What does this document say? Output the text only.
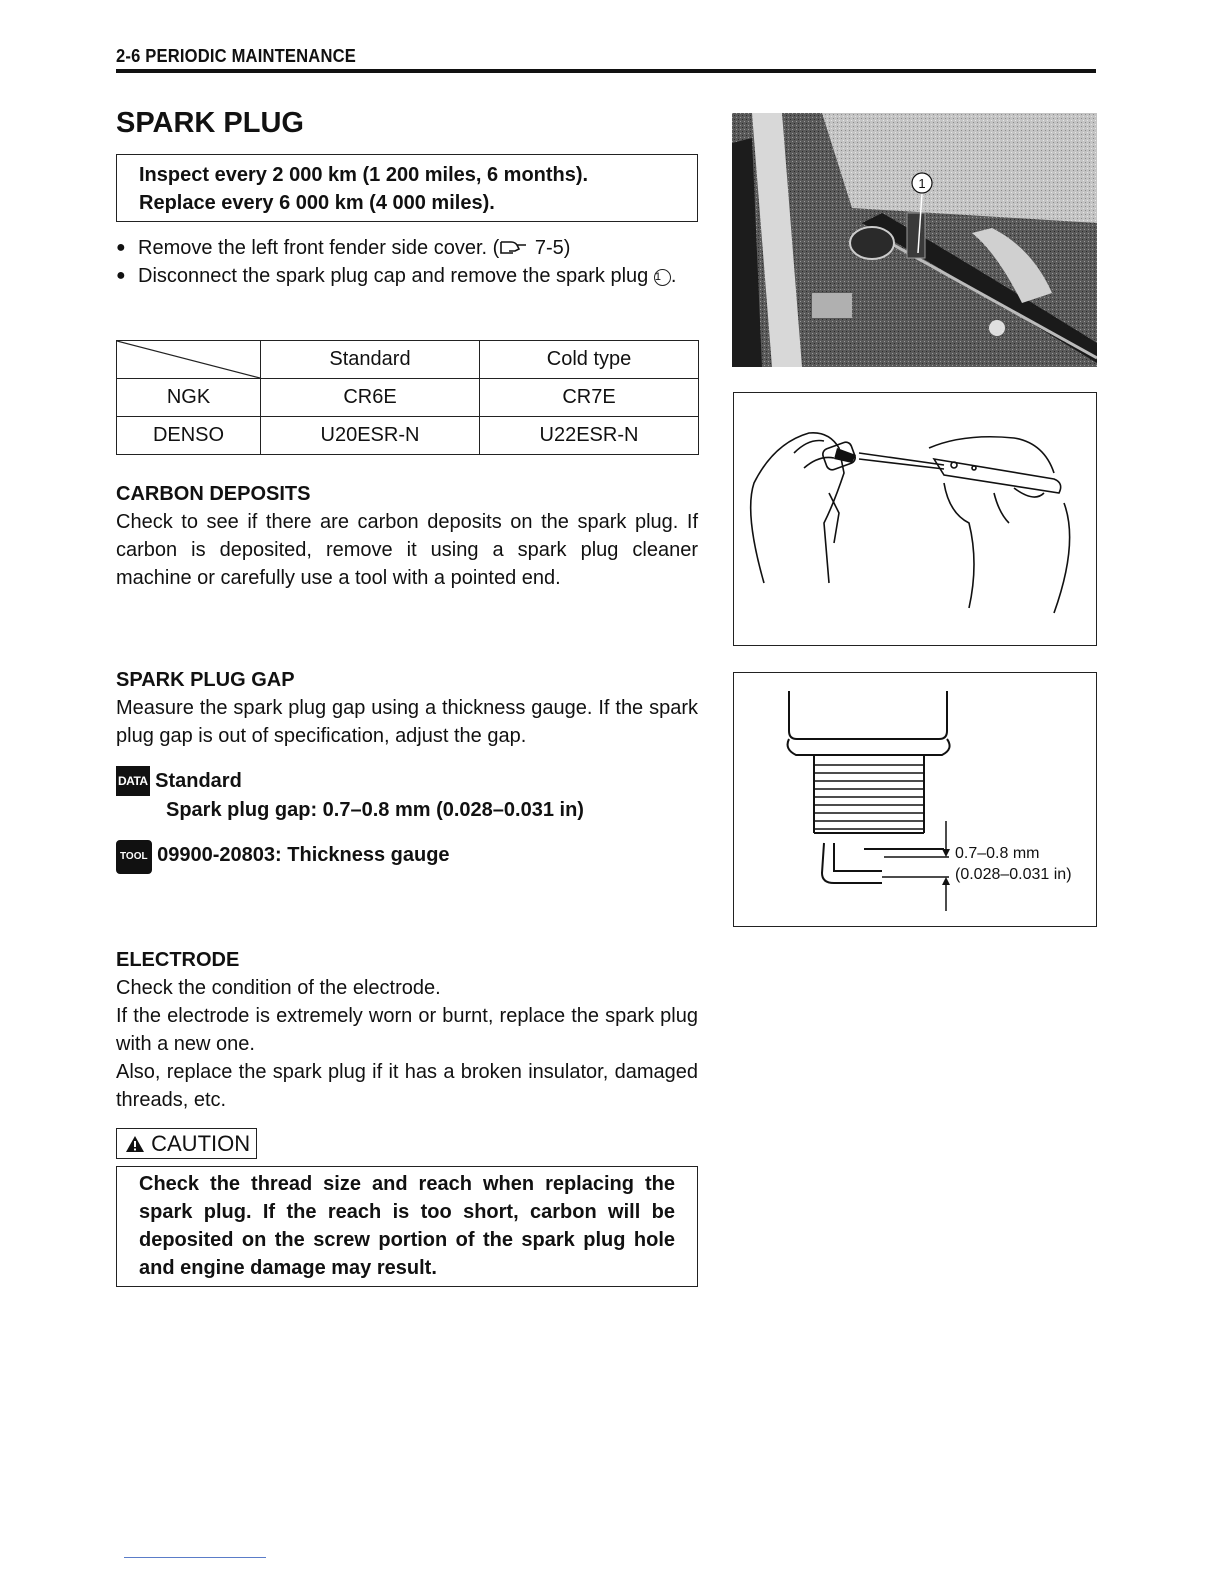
2-6 PERIODIC MAINTENANCE
SPARK PLUG
Inspect every 2 000 km (1 200 miles, 6 months).
Replace every 6 000 km (4 000 miles).
● Remove the left front fender side cover. ( 7-5)
● Disconnect the spark plug cap and remove the spark plug 1 .
	Standard	Cold type
NGK	CR6E	CR7E
DENSO	U20ESR-N	U22ESR-N
CARBON DEPOSITS
Check to see if there are carbon deposits on the spark plug. If carbon is deposited, remove it using a spark plug cleaner machine or carefully use a tool with a pointed end.
SPARK PLUG GAP
Measure the spark plug gap using a thickness gauge. If the spark plug gap is out of specification, adjust the gap.
DATA Standard
Spark plug gap: 0.7–0.8 mm (0.028–0.031 in)
TOOL 09900-20803: Thickness gauge
ELECTRODE
Check the condition of the electrode.
If the electrode is extremely worn or burnt, replace the spark plug with a new one.
Also, replace the spark plug if it has a broken insulator, damaged threads, etc.
CAUTION
Check the thread size and reach when replacing the spark plug. If the reach is too short, carbon will be deposited on the screw portion of the spark plug hole and engine damage may result.
1
0.7–0.8 mm
(0.028–0.031 in)
